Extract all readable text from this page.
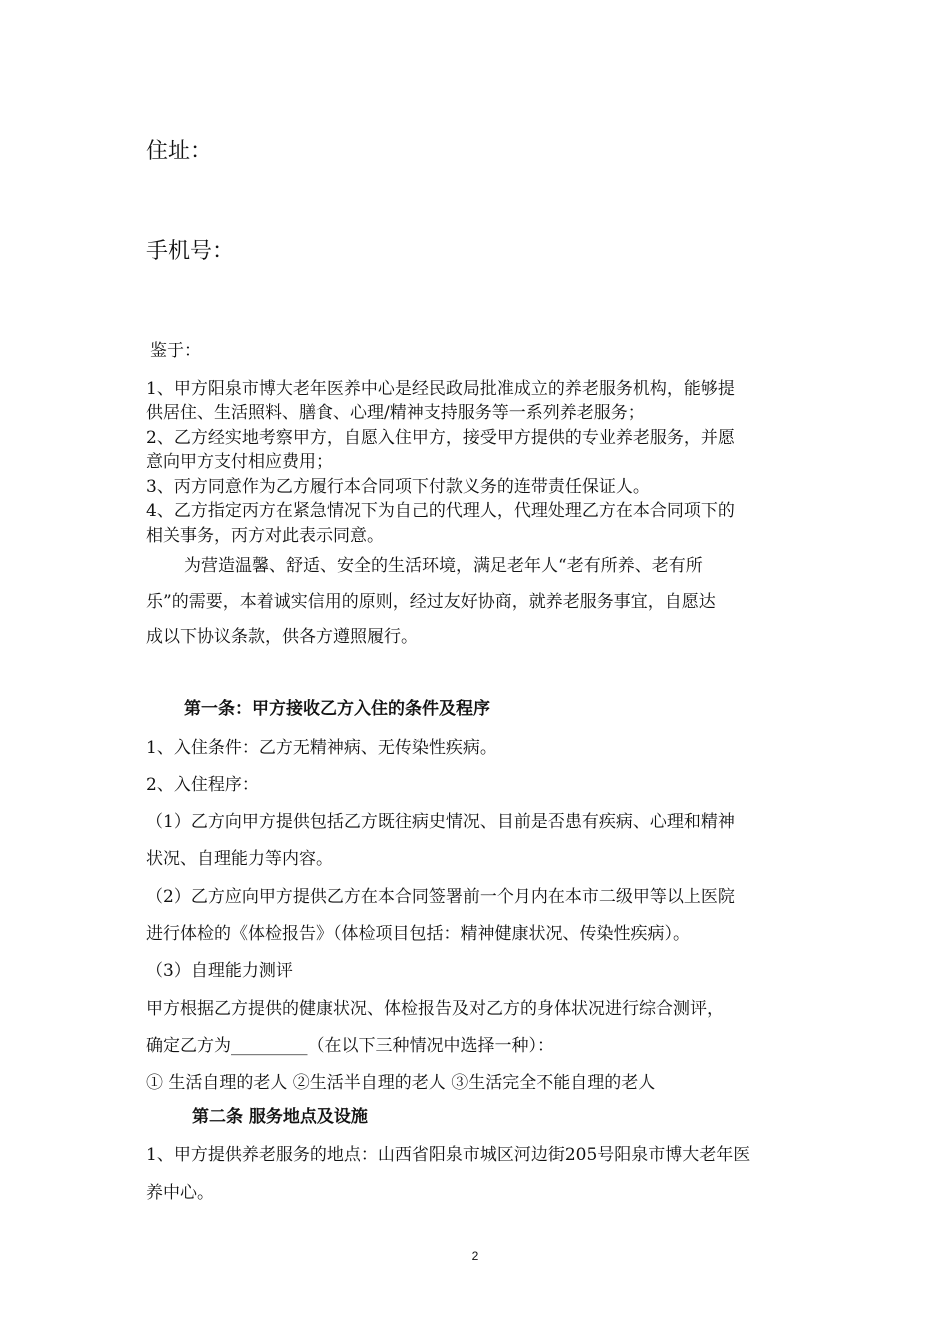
住址：
手机号：
鉴于：
1、甲方阳泉市博大老年医养中心是经民政局批准成立的养老服务机构，能够提
供居住、生活照料、膳食、心理/精神支持服务等一系列养老服务；
2、乙方经实地考察甲方，自愿入住甲方，接受甲方提供的专业养老服务，并愿
意向甲方支付相应费用；
3、丙方同意作为乙方履行本合同项下付款义务的连带责任保证人。
4、乙方指定丙方在紧急情况下为自己的代理人，代理处理乙方在本合同项下的
相关事务，丙方对此表示同意。
为营造温馨、舒适、安全的生活环境，满足老年人“老有所养、老有所
乐”的需要，本着诚实信用的原则，经过友好协商，就养老服务事宜，自愿达
成以下协议条款，供各方遵照履行。
第一条：甲方接收乙方入住的条件及程序
1、入住条件：乙方无精神病、无传染性疾病。
2、入住程序：
（1）乙方向甲方提供包括乙方既往病史情况、目前是否患有疾病、心理和精神
状况、自理能力等内容。
（2）乙方应向甲方提供乙方在本合同签署前一个月内在本市二级甲等以上医院
进行体检的《体检报告》（体检项目包括：精神健康状况、传染性疾病）。
（3）自理能力测评
甲方根据乙方提供的健康状况、体检报告及对乙方的身体状况进行综合测评，
确定乙方为_________（在以下三种情况中选择一种）：
① 生活自理的老人 ②生活半自理的老人 ③生活完全不能自理的老人
第二条 服务地点及设施
1、甲方提供养老服务的地点：山西省阳泉市城区河边街205号阳泉市博大老年医
养中心。
2
